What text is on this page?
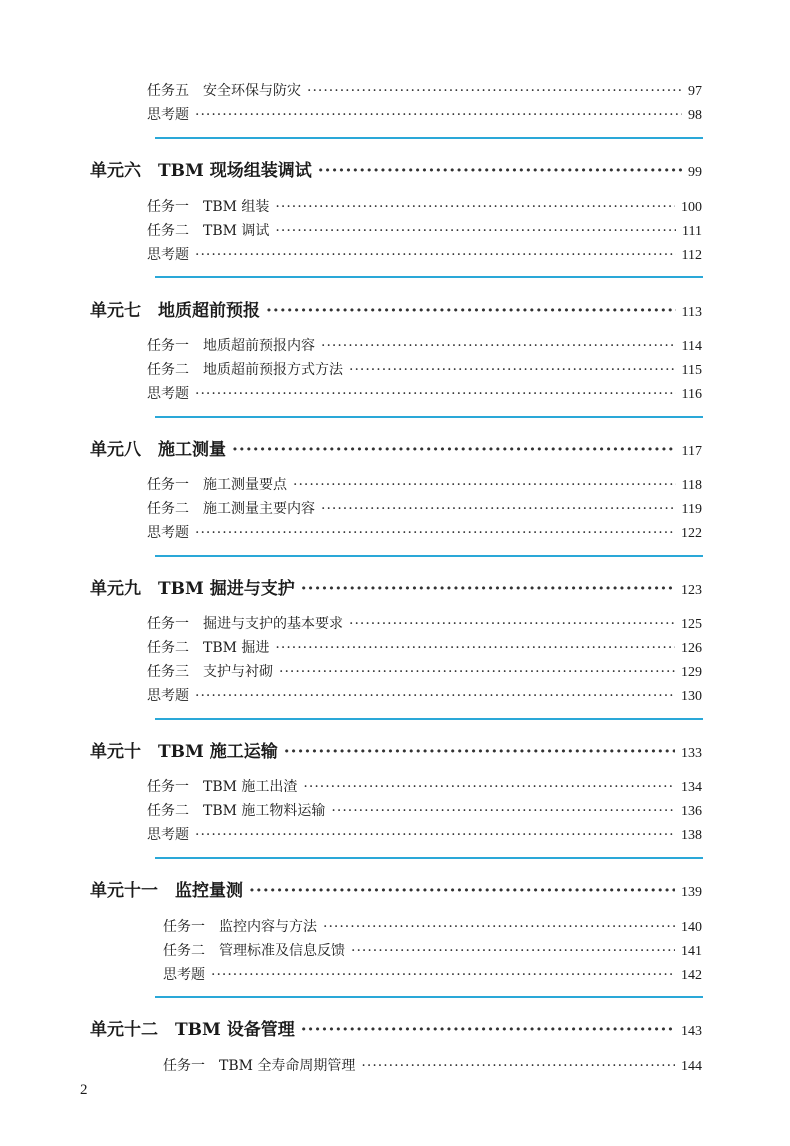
任务五　安全环保与防灾 ·····	97
思考题 ·····	98
单元六　TBM 现场组装调试 ·····	99
任务一　TBM 组装 ·····	100
任务二　TBM 调试 ·····	111
思考题 ·····	112
单元七　地质超前预报 ·····	113
任务一　地质超前预报内容 ·····	114
任务二　地质超前预报方式方法 ·····	115
思考题 ·····	116
单元八　施工测量 ·····	117
任务一　施工测量要点 ·····	118
任务二　施工测量主要内容 ·····	119
思考题 ·····	122
单元九　TBM 掘进与支护 ·····	123
任务一　掘进与支护的基本要求 ·····	125
任务二　TBM 掘进 ·····	126
任务三　支护与衬砌 ·····	129
思考题 ·····	130
单元十　TBM 施工运输 ·····	133
任务一　TBM 施工出渣 ·····	134
任务二　TBM 施工物料运输 ·····	136
思考题 ·····	138
单元十一　监控量测 ·····	139
任务一　监控内容与方法 ·····	140
任务二　管理标准及信息反馈 ·····	141
思考题 ·····	142
单元十二　TBM 设备管理 ·····	143
任务一　TBM 全寿命周期管理 ·····	144
2
